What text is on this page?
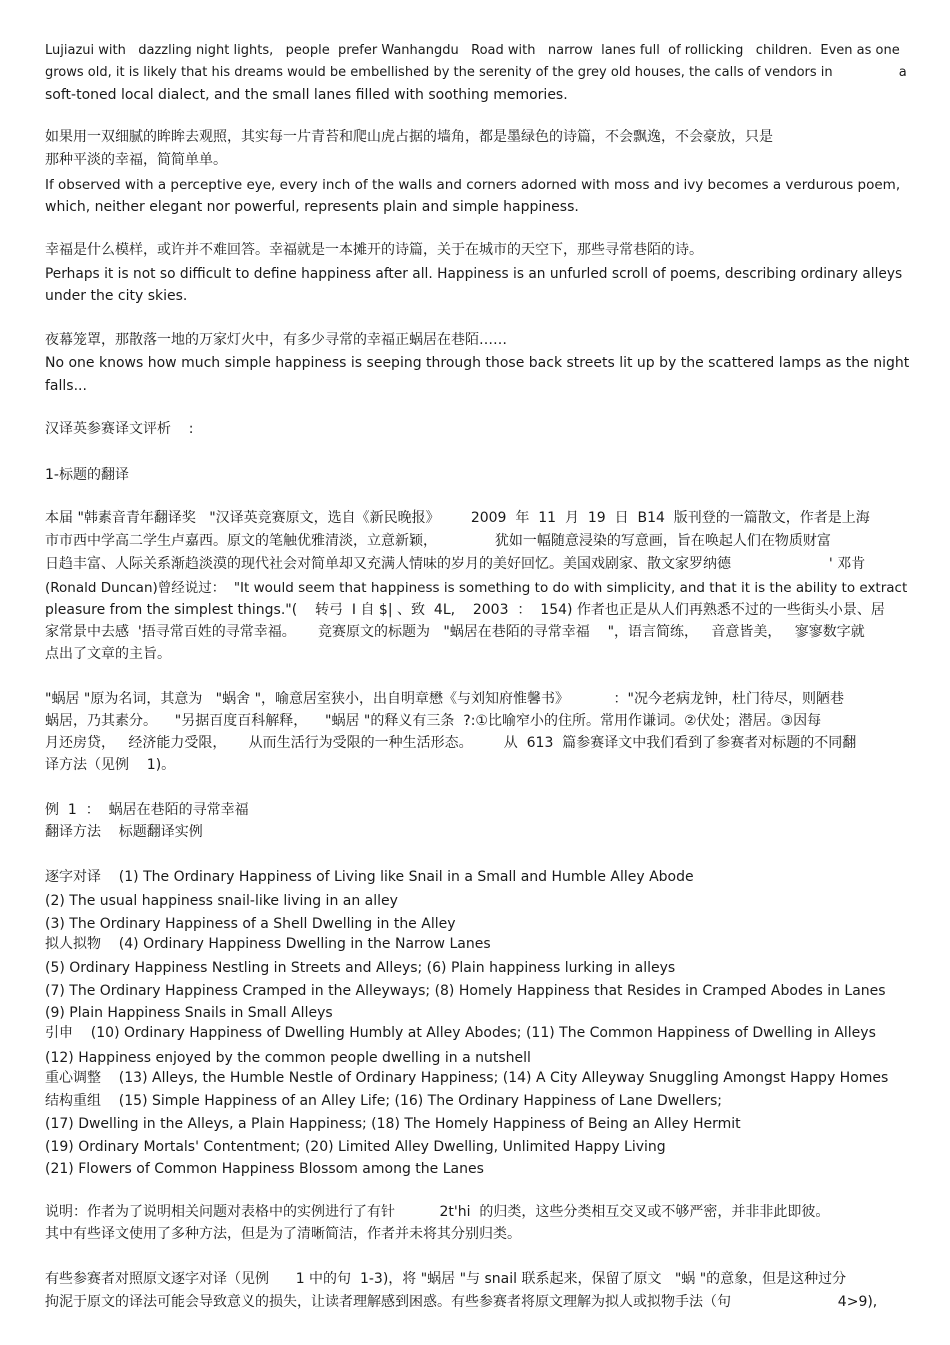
Lujiazui with   dazzling night lights,   people  prefer Wanhangdu   Road with   narrow  lanes full  of rollicking   children.  Even as one
grows old, it is likely that his dreams would be embellished by the serenity of the grey old houses, the calls of vendors in                a
soft-toned local dialect, and the small lanes filled with soothing memories.
如果用一双细腻的眸眸去观照，其实每一片青苔和爬山虎占据的墙角，都是墨绿色的诗篇，不会飘逸，不会豪放，只是
那种平淡的幸福，简简单单。
If observed with a perceptive eye, every inch of the walls and corners adorned with moss and ivy becomes a verdurous poem,
which, neither elegant nor powerful, represents plain and simple happiness.
幸福是什么模样，或许并不难回答。幸福就是一本摊开的诗篇，关于在城市的天空下，那些寻常巷陌的诗。
Perhaps it is not so difficult to define happiness after all. Happiness is an unfurled scroll of poems, describing ordinary alleys
under the city skies.
夜幕笼罩，那散落一地的万家灯火中，有多少寻常的幸福正蜗居在巷陌……
No one knows how much simple happiness is seeping through those back streets lit up by the scattered lamps as the night
falls...
汉译英参赛译文评析    :
1-标题的翻译
本届 "韩素音青年翻译奖   "汉译英竞赛原文，选自《新民晚报》       2009  年  11  月  19  日  B14  版刊登的一篇散文，作者是上海
市市西中学高二学生卢嘉西。原文的笔触优雅清淡，立意新颖，             犹如一幅随意浸染的写意画，旨在唤起人们在物质财富
日趋丰富、人际关系渐趋淡漠的现代社会对简单却又充满人情味的岁月的美好回忆。美国戏剧家、散文家罗纳德                      ' 邓肯
(Ronald Duncan)曾经说过：  "It would seem that happiness is something to do with simplicity, and that it is the ability to extract
pleasure from the simplest things."(    转弓  I 自 $| 、致  4L,    2003  ：  154) 作者也正是从人们再熟悉不过的一些街头小景、居
家常景中去感  '捂寻常百姓的寻常幸福。     竞赛原文的标题为   "蜗居在巷陌的寻常幸福    "，语言简练，   音意皆美，   寥寥数字就
点出了文章的主旨。
"蜗居 "原为名词，其意为   "蜗舍 "，喻意居室狭小，出自明章懋《与刘知府惟馨书》          ："况今老病龙钟，杜门待尽，则陋巷
蜗居，乃其素分。    "另据百度百科解释，    "蜗居 "的释义有三条  ?:①比喻窄小的住所。常用作谦词。②伏处；潜居。③因每
月还房贷，   经济能力受限，     从而生活行为受限的一种生活形态。       从  613  篇参赛译文中我们看到了参赛者对标题的不同翻
译方法（见例    1)。
例  1  ：  蜗居在巷陌的寻常幸福
翻译方法    标题翻译实例
逐字对译    (1) The Ordinary Happiness of Living like Snail in a Small and Humble Alley Abode
(2) The usual happiness snail-like living in an alley
(3) The Ordinary Happiness of a Shell Dwelling in the Alley
拟人拟物    (4) Ordinary Happiness Dwelling in the Narrow Lanes
(5) Ordinary Happiness Nestling in Streets and Alleys; (6) Plain happiness lurking in alleys
(7) The Ordinary Happiness Cramped in the Alleyways; (8) Homely Happiness that Resides in Cramped Abodes in Lanes
(9) Plain Happiness Snails in Small Alleys
引申    (10) Ordinary Happiness of Dwelling Humbly at Alley Abodes; (11) The Common Happiness of Dwelling in Alleys
(12) Happiness enjoyed by the common people dwelling in a nutshell
重心调整    (13) Alleys, the Humble Nestle of Ordinary Happiness; (14) A City Alleyway Snuggling Amongst Happy Homes
结构重组    (15) Simple Happiness of an Alley Life; (16) The Ordinary Happiness of Lane Dwellers;
(17) Dwelling in the Alleys, a Plain Happiness; (18) The Homely Happiness of Being an Alley Hermit
(19) Ordinary Mortals' Contentment; (20) Limited Alley Dwelling, Unlimited Happy Living
(21) Flowers of Common Happiness Blossom among the Lanes
说明：作者为了说明相关问题对表格中的实例进行了有针          2t'hi  的归类，这些分类相互交叉或不够严密，并非非此即彼。
其中有些译文使用了多种方法，但是为了清晰简洁，作者并未将其分别归类。
有些参赛者对照原文逐字对译（见例      1 中的句  1-3)，将 "蜗居 "与 snail 联系起来，保留了原文   "蜗 "的意象，但是这种过分
拘泥于原文的译法可能会导致意义的损失，让读者理解感到困惑。有些参赛者将原文理解为拟人或拟物手法（句                        4>9),
